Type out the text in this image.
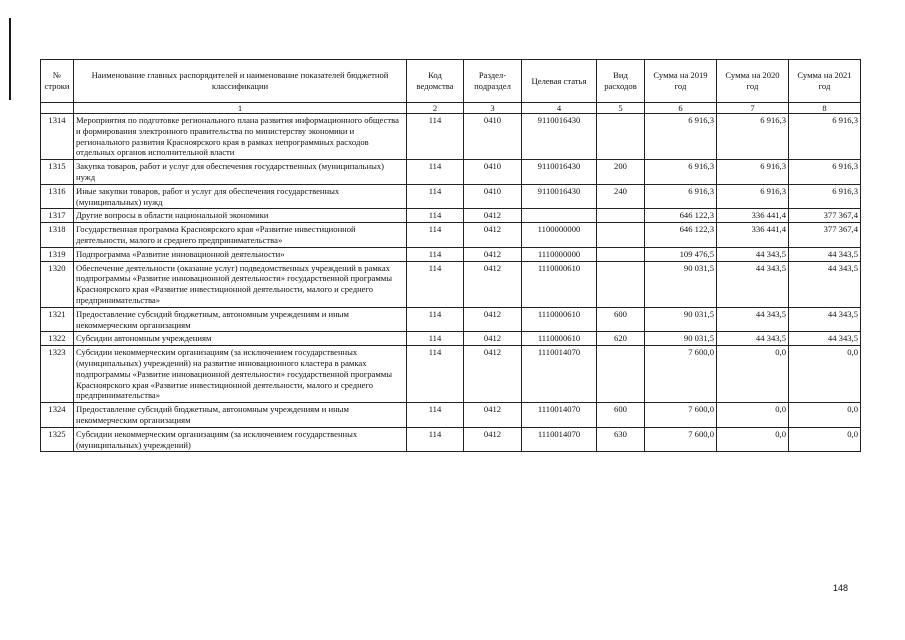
№ строки	Наименование главных распорядителей и наименование показателей бюджетной классификации	Код ведомства	Раздел-подраздел	Целевая статья	Вид расходов	Сумма на 2019 год	Сумма на 2020 год	Сумма на 2021 год
	1	2	3	4	5	6	7	8
1314	Мероприятия по подготовке регионального плана развития информационного общества и формирования электронного правительства по министерству экономики и регионального развития Красноярского края в рамках непрограммных расходов отдельных органов исполнительной власти	114	0410	9110016430		6 916,3	6 916,3	6 916,3
1315	Закупка товаров, работ и услуг для обеспечения государственных (муниципальных) нужд	114	0410	9110016430	200	6 916,3	6 916,3	6 916,3
1316	Иные закупки товаров, работ и услуг для обеспечения государственных (муниципальных) нужд	114	0410	9110016430	240	6 916,3	6 916,3	6 916,3
1317	Другие вопросы в области национальной экономики	114	0412			646 122,3	336 441,4	377 367,4
1318	Государственная программа Красноярского края «Развитие инвестиционной деятельности, малого и среднего предпринимательства»	114	0412	1100000000		646 122,3	336 441,4	377 367,4
1319	Подпрограмма «Развитие инновационной деятельности»	114	0412	1110000000		109 476,5	44 343,5	44 343,5
1320	Обеспечение деятельности (оказание услуг) подведомственных учреждений в рамках подпрограммы «Развитие инновационной деятельности» государственной программы Красноярского края «Развитие инвестиционной деятельности, малого и среднего предпринимательства»	114	0412	1110000610		90 031,5	44 343,5	44 343,5
1321	Предоставление субсидий бюджетным, автономным учреждениям и иным некоммерческим организациям	114	0412	1110000610	600	90 031,5	44 343,5	44 343,5
1322	Субсидии автономным учреждениям	114	0412	1110000610	620	90 031,5	44 343,5	44 343,5
1323	Субсидии некоммерческим организациям (за исключением государственных (муниципальных) учреждений) на развитие инновационного кластера в рамках подпрограммы «Развитие инновационной деятельности» государственной программы Красноярского края «Развитие инвестиционной деятельности, малого и среднего предпринимательства»	114	0412	1110014070		7 600,0	0,0	0,0
1324	Предоставление субсидий бюджетным, автономным учреждениям и иным некоммерческим организациям	114	0412	1110014070	600	7 600,0	0,0	0,0
1325	Субсидии некоммерческим организациям (за исключением государственных (муниципальных) учреждений)	114	0412	1110014070	630	7 600,0	0,0	0,0
148
